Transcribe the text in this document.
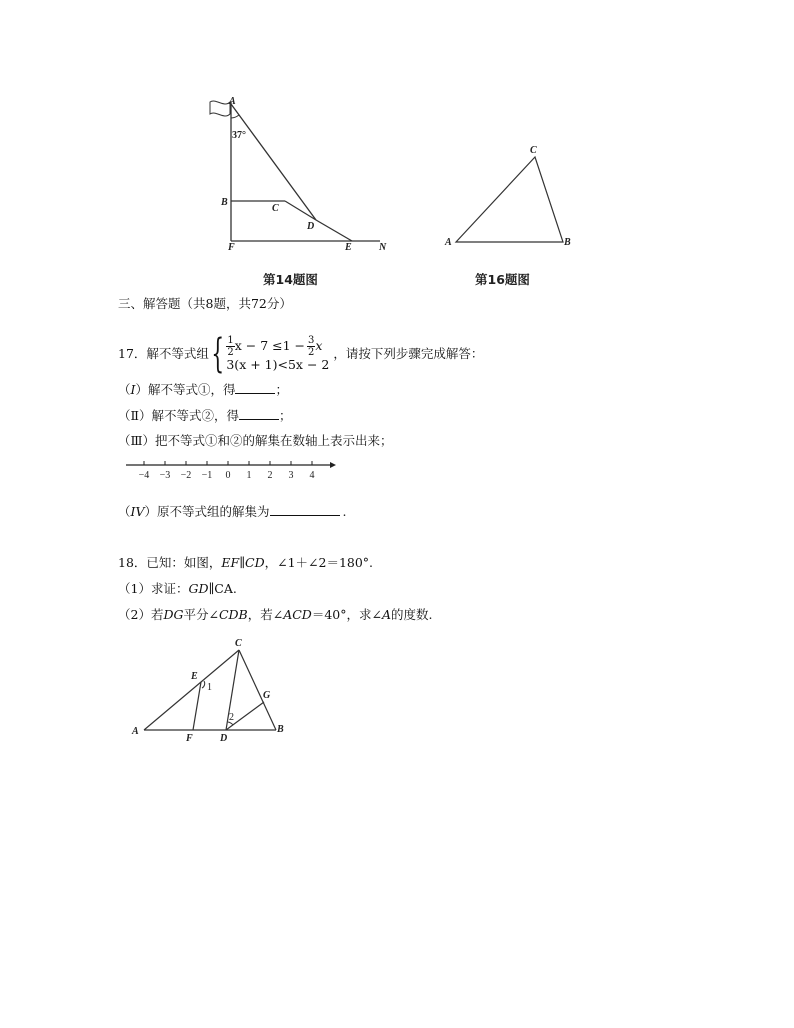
A
37°
B
C
D
E
F	N
第14题图
A	B
C
第16题图
三、解答题（共8题，共72分）
17．解不等式组 { $\frac{1}{2}$ $x - 7 \le 1 - \frac{3}{2}$ x
3(x + 1)<5x − 2
，请按下列步骤完成解答：
（I）解不等式①，得	；
（Ⅱ）解不等式②，得	；
（Ⅲ）把不等式①和②的解集在数轴上表示出来；
−4 −3 −2 −1 0 1 2 3 4
（IV）原不等式组的解集为	.
18．已知：如图，EF∥CD，∠1＋∠2＝180°.
（1）求证：GD∥CA.
（2）若DG平分∠CDB，若∠ACD＝40°，求∠A的度数.
A	B
C
D
E
F
G
1
2
